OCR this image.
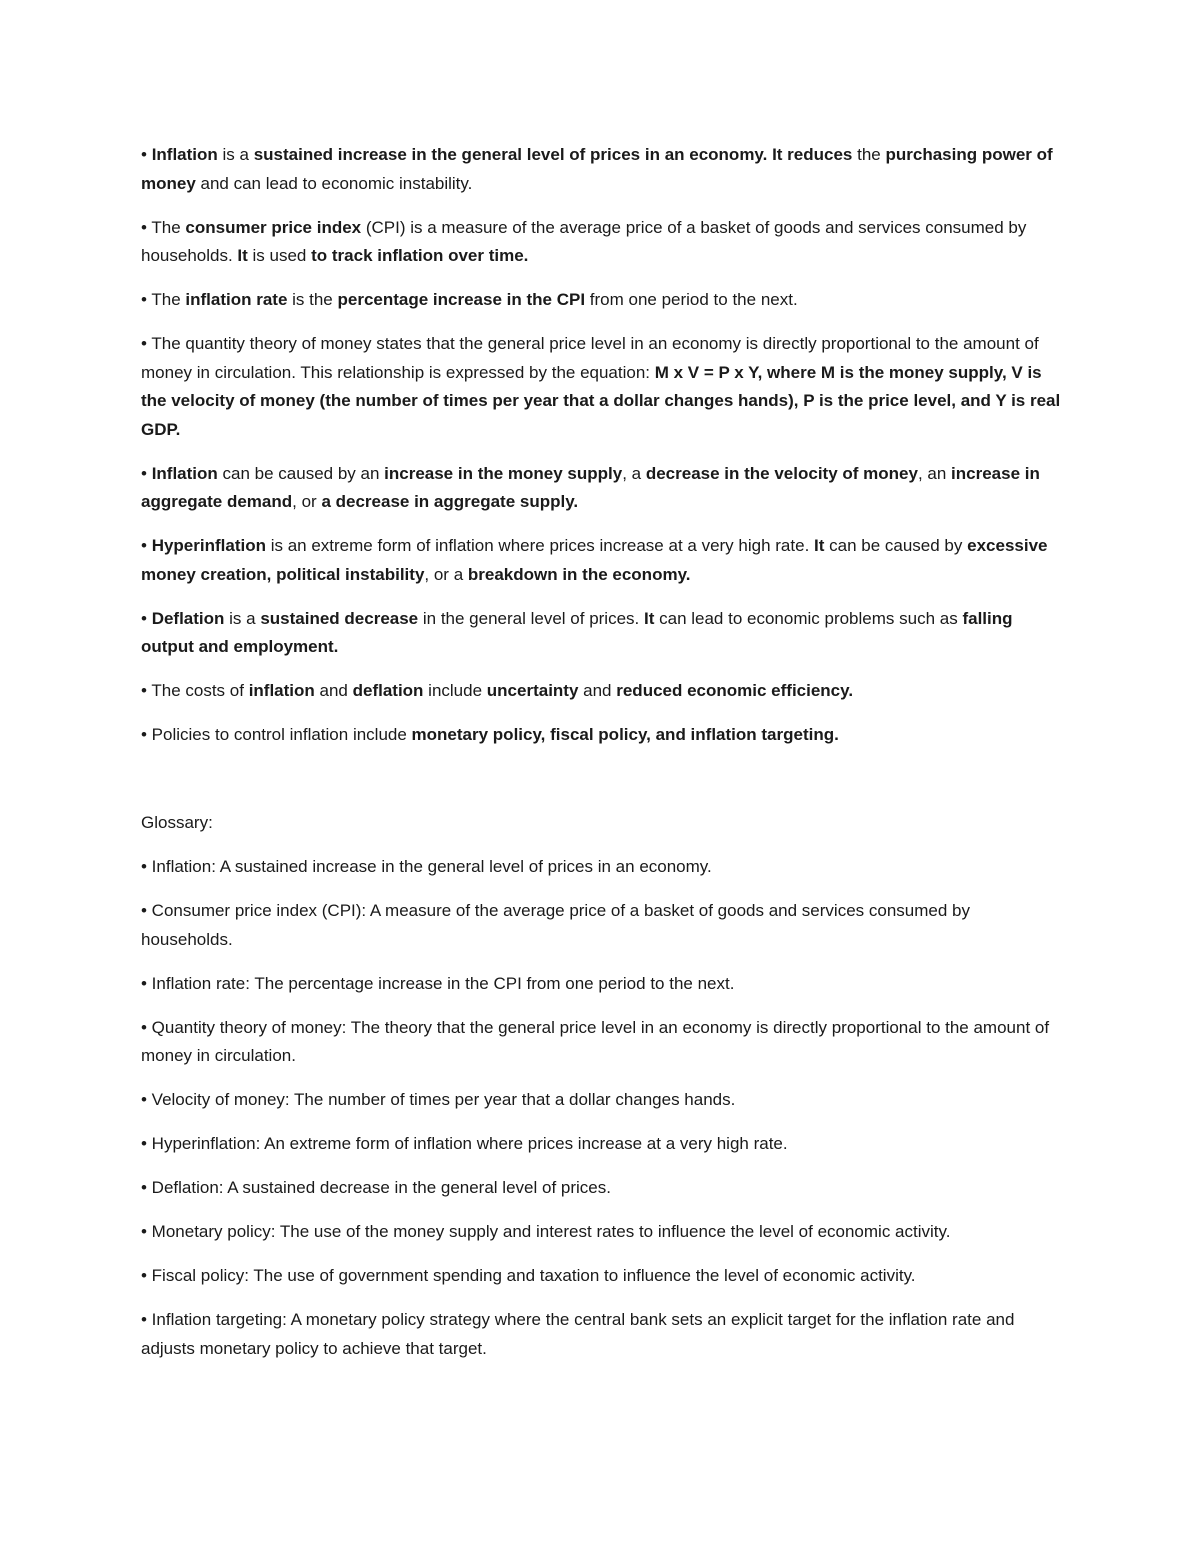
• Inflation is a sustained increase in the general level of prices in an economy. It reduces the purchasing power of money and can lead to economic instability.

• The consumer price index (CPI) is a measure of the average price of a basket of goods and services consumed by households. It is used to track inflation over time.

• The inflation rate is the percentage increase in the CPI from one period to the next.

• The quantity theory of money states that the general price level in an economy is directly proportional to the amount of money in circulation. This relationship is expressed by the equation: M x V = P x Y, where M is the money supply, V is the velocity of money (the number of times per year that a dollar changes hands), P is the price level, and Y is real GDP.

• Inflation can be caused by an increase in the money supply, a decrease in the velocity of money, an increase in aggregate demand, or a decrease in aggregate supply.

• Hyperinflation is an extreme form of inflation where prices increase at a very high rate. It can be caused by excessive money creation, political instability, or a breakdown in the economy.

• Deflation is a sustained decrease in the general level of prices. It can lead to economic problems such as falling output and employment.

• The costs of inflation and deflation include uncertainty and reduced economic efficiency.

• Policies to control inflation include monetary policy, fiscal policy, and inflation targeting.

Glossary:

• Inflation: A sustained increase in the general level of prices in an economy.

• Consumer price index (CPI): A measure of the average price of a basket of goods and services consumed by households.

• Inflation rate: The percentage increase in the CPI from one period to the next.

• Quantity theory of money: The theory that the general price level in an economy is directly proportional to the amount of money in circulation.

• Velocity of money: The number of times per year that a dollar changes hands.

• Hyperinflation: An extreme form of inflation where prices increase at a very high rate.

• Deflation: A sustained decrease in the general level of prices.

• Monetary policy: The use of the money supply and interest rates to influence the level of economic activity.

• Fiscal policy: The use of government spending and taxation to influence the level of economic activity.

• Inflation targeting: A monetary policy strategy where the central bank sets an explicit target for the inflation rate and adjusts monetary policy to achieve that target.
